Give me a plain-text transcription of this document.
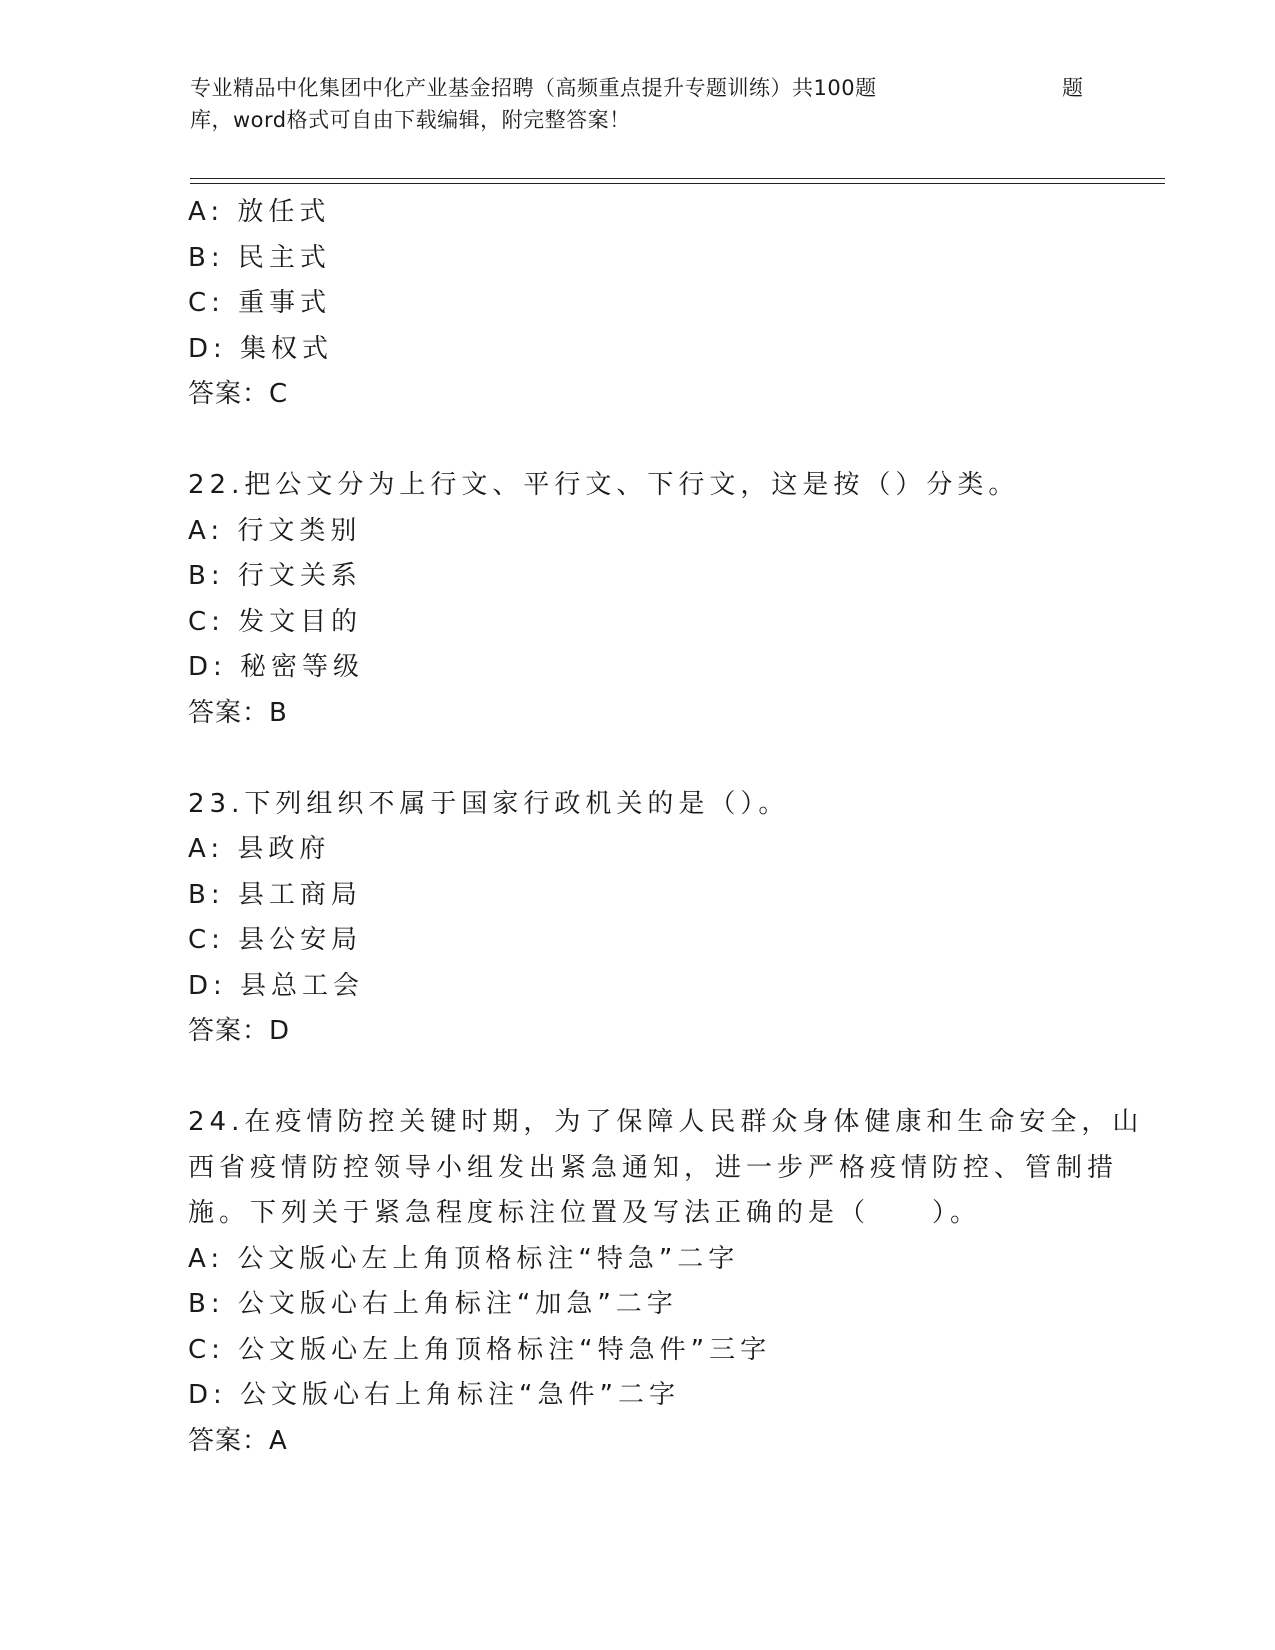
专业精品中化集团中化产业基金招聘（高频重点提升专题训练）共100题	题
库，word格式可自由下载编辑，附完整答案！
A: 放任式
B: 民主式
C: 重事式
D: 集权式
答案：C
22.把公文分为上行文、平行文、下行文，这是按（）分类。
A: 行文类别
B: 行文关系
C: 发文目的
D: 秘密等级
答案：B
23.下列组织不属于国家行政机关的是（）。
A: 县政府
B: 县工商局
C: 县公安局
D: 县总工会
答案：D
24.在疫情防控关键时期，为了保障人民群众身体健康和生命安全，山
西省疫情防控领导小组发出紧急通知，进一步严格疫情防控、管制措
施。下列关于紧急程度标注位置及写法正确的是（　　）。
A: 公文版心左上角顶格标注“特急”二字
B: 公文版心右上角标注“加急”二字
C: 公文版心左上角顶格标注“特急件”三字
D: 公文版心右上角标注“急件”二字
答案：A
